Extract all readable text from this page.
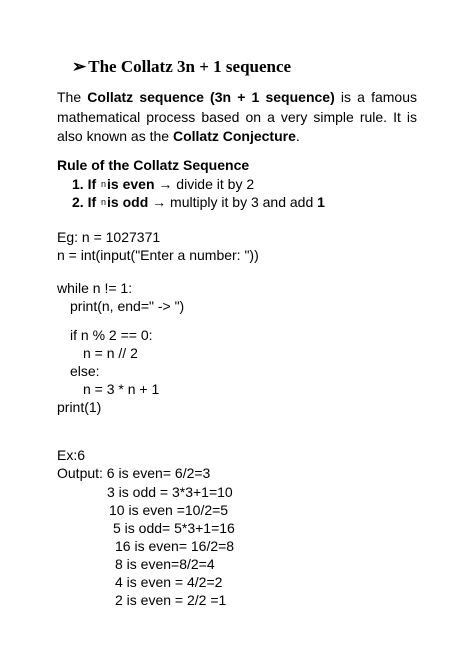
➢ The Collatz 3n + 1 sequence
The Collatz sequence (3n + 1 sequence) is a famous mathematical process based on a very simple rule. It is also known as the Collatz Conjecture.
Rule of the Collatz Sequence
1. If nis even → divide it by 2
2. If nis odd → multiply it by 3 and add 1
Eg: n = 1027371
n = int(input("Enter a number: "))
while n != 1:
print(n, end=" -> ")
if n % 2 == 0:
n = n // 2
else:
n = 3 * n + 1
print(1)
Ex:6
Output: 6 is even= 6/2=3
3 is odd = 3*3+1=10
10 is even =10/2=5
5 is odd= 5*3+1=16
16 is even= 16/2=8
8 is even=8/2=4
4 is even = 4/2=2
2 is even = 2/2 =1
